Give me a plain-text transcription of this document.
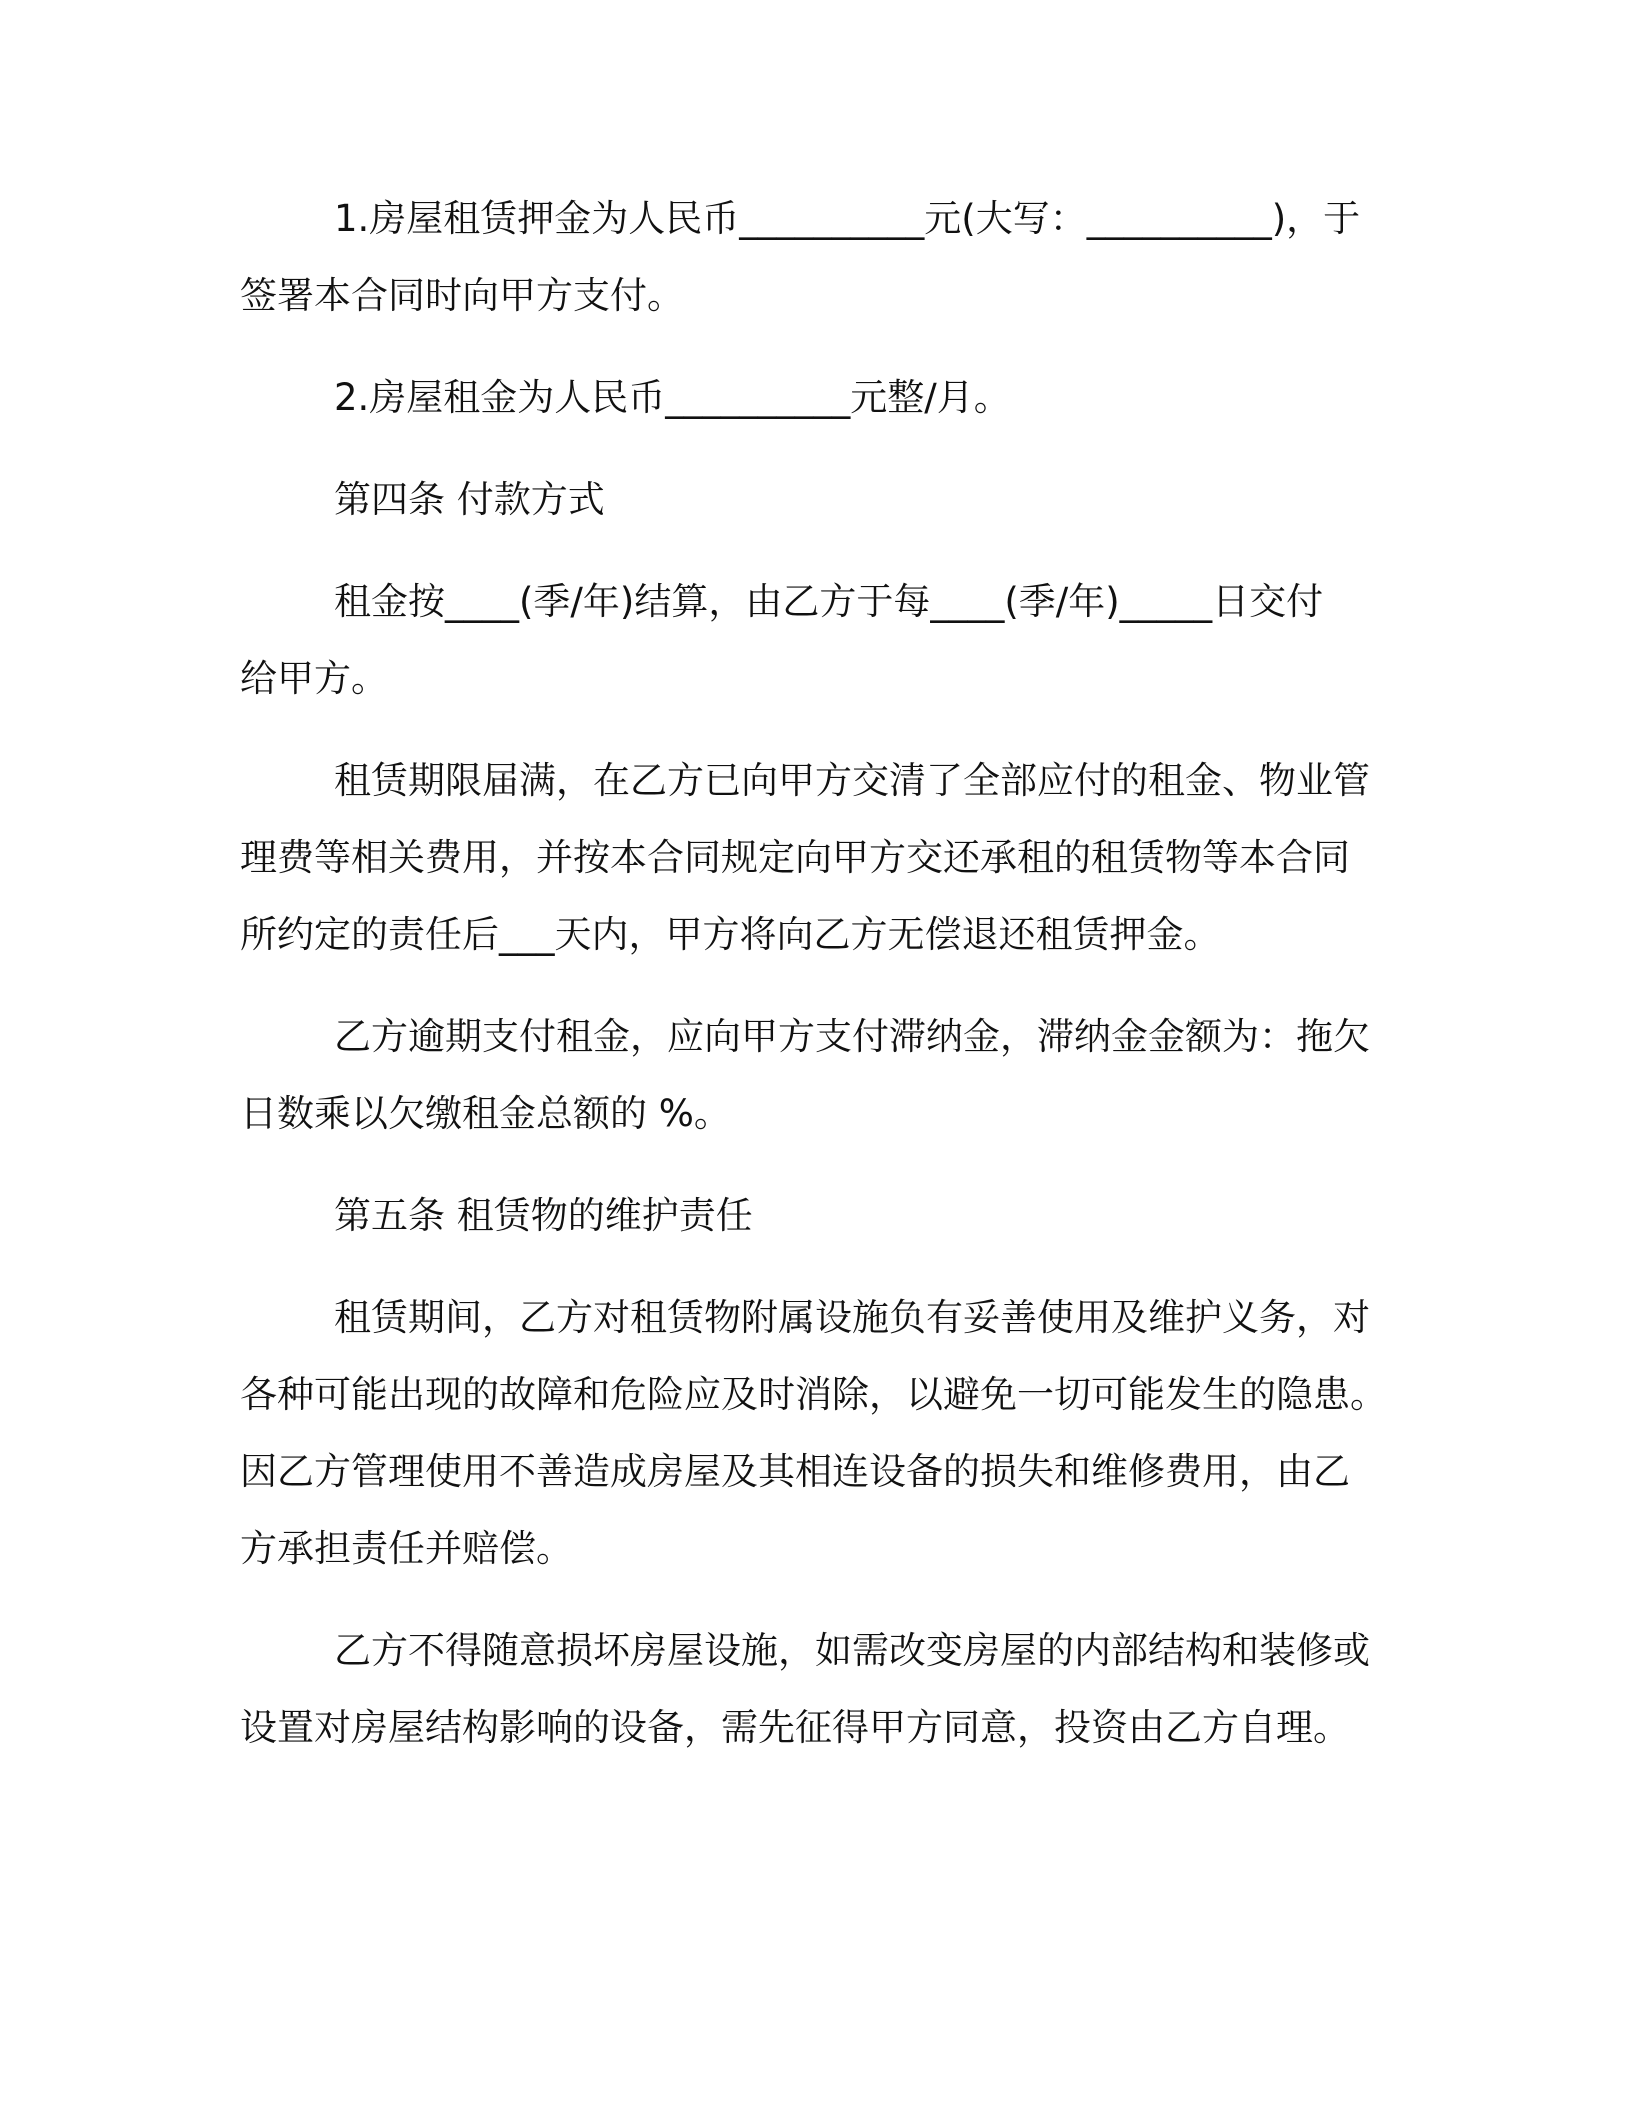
1.房屋租赁押金为人民币__________元(大写：__________)，于
签署本合同时向甲方支付。
2.房屋租金为人民币__________元整/月。
第四条 付款方式
租金按____(季/年)结算，由乙方于每____(季/年)_____日交付
给甲方。
租赁期限届满，在乙方已向甲方交清了全部应付的租金、物业管
理费等相关费用，并按本合同规定向甲方交还承租的租赁物等本合同
所约定的责任后___天内，甲方将向乙方无偿退还租赁押金。
乙方逾期支付租金，应向甲方支付滞纳金，滞纳金金额为：拖欠
日数乘以欠缴租金总额的 %。
第五条 租赁物的维护责任
租赁期间，乙方对租赁物附属设施负有妥善使用及维护义务，对
各种可能出现的故障和危险应及时消除，以避免一切可能发生的隐患。
因乙方管理使用不善造成房屋及其相连设备的损失和维修费用，由乙
方承担责任并赔偿。
乙方不得随意损坏房屋设施，如需改变房屋的内部结构和装修或
设置对房屋结构影响的设备，需先征得甲方同意，投资由乙方自理。
